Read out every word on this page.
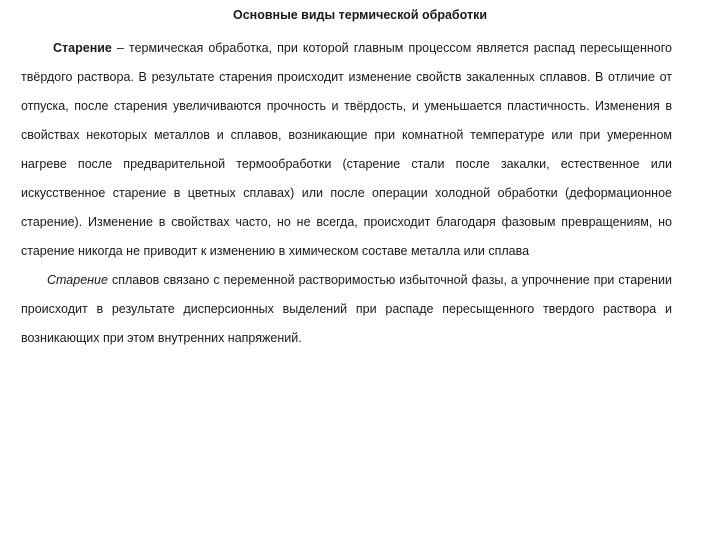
Основные виды термической обработки

Старение – термическая обработка, при которой главным процессом является распад пересыщенного твёрдого раствора. В результате старения происходит изменение свойств закаленных сплавов. В отличие от отпуска, после старения увеличиваются прочность и твёрдость, и уменьшается пластичность. Изменения в свойствах некоторых металлов и сплавов, возникающие при комнатной температуре или при умеренном нагреве после предварительной термообработки (старение стали после закалки, естественное или искусственное старение в цветных сплавах) или после операции холодной обработки (деформационное старение). Изменение в свойствах часто, но не всегда, происходит благодаря фазовым превращениям, но старение никогда не приводит к изменению в химическом составе металла или сплава

Старение сплавов связано с переменной растворимостью избыточной фазы, а упрочнение при старении происходит в результате дисперсионных выделений при распаде пересыщенного твердого раствора и возникающих при этом внутренних напряжений.
